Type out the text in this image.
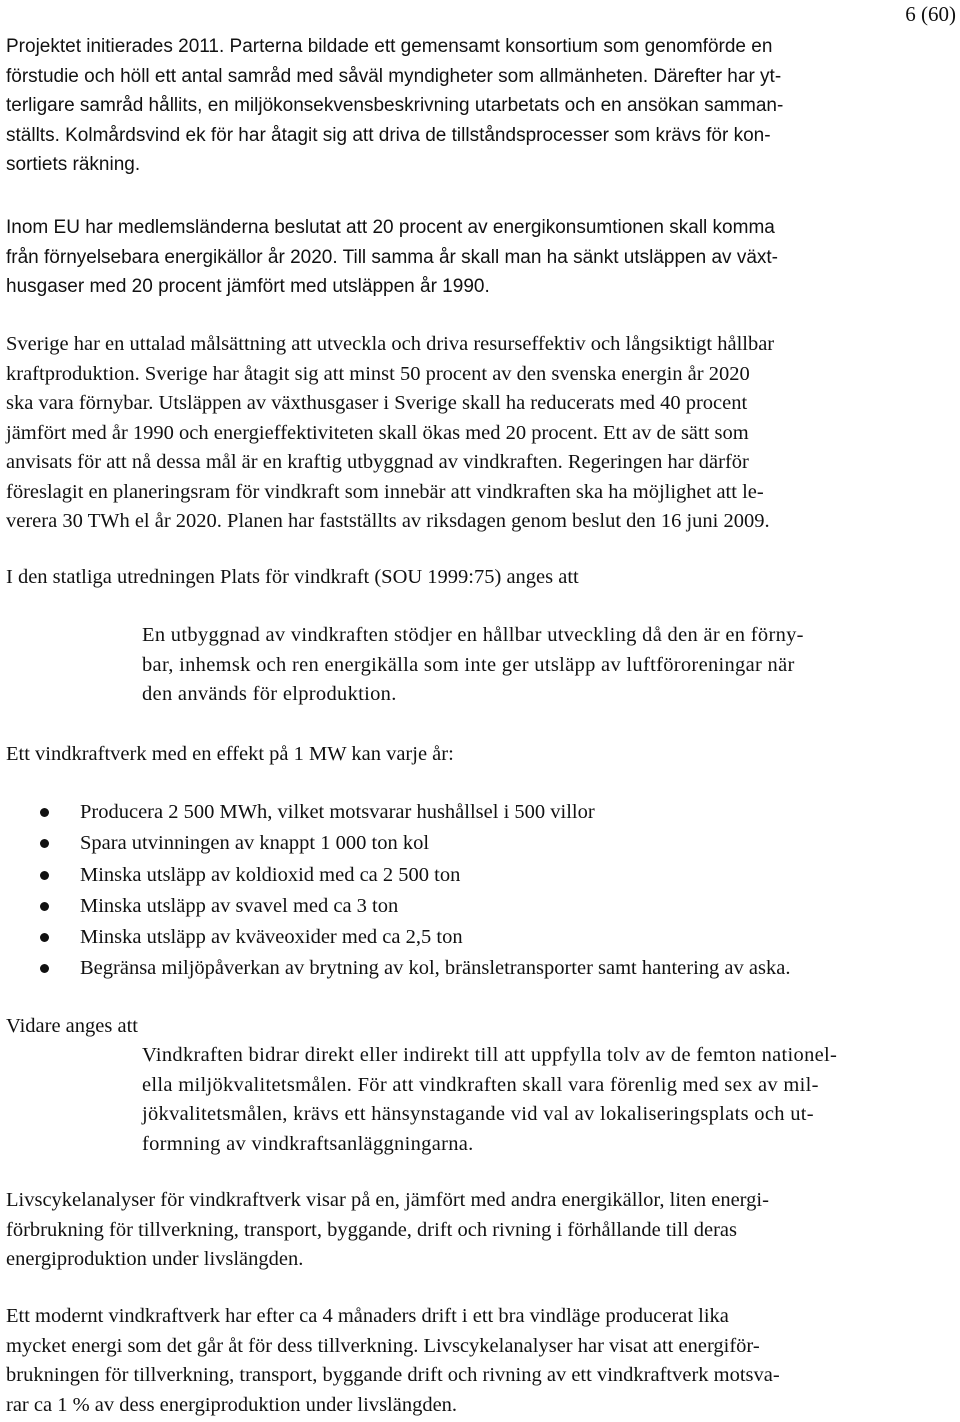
6 (60)
Projektet initierades 2011. Parterna bildade ett gemensamt konsortium som genomförde en
förstudie och höll ett antal samråd med såväl myndigheter som allmänheten. Därefter har yt-
terligare samråd hållits, en miljökonsekvensbeskrivning utarbetats och en ansökan samman-
ställts. Kolmårdsvind ek för har åtagit sig att driva de tillståndsprocesser som krävs för kon-
sortiets räkning.
Inom EU har medlemsländerna beslutat att 20 procent av energikonsumtionen skall komma
från förnyelsebara energikällor år 2020. Till samma år skall man ha sänkt utsläppen av växt-
husgaser med 20 procent jämfört med utsläppen år 1990.
Sverige har en uttalad målsättning att utveckla och driva resurseffektiv och långsiktigt hållbar
kraftproduktion. Sverige har åtagit sig att minst 50 procent av den svenska energin år 2020
ska vara förnybar. Utsläppen av växthusgaser i Sverige skall ha reducerats med 40 procent
jämfört med år 1990 och energieffektiviteten skall ökas med 20 procent. Ett av de sätt som
anvisats för att nå dessa mål är en kraftig utbyggnad av vindkraften. Regeringen har därför
föreslagit en planeringsram för vindkraft som innebär att vindkraften ska ha möjlighet att le-
verera 30 TWh el år 2020. Planen har fastställts av riksdagen genom beslut den 16 juni 2009.
I den statliga utredningen Plats för vindkraft (SOU 1999:75) anges att
En utbyggnad av vindkraften stödjer en hållbar utveckling då den är en förny-
bar, inhemsk och ren energikälla som inte ger utsläpp av luftföroreningar när
den används för elproduktion.
Ett vindkraftverk med en effekt på 1 MW kan varje år:
Producera 2 500 MWh, vilket motsvarar hushållsel i 500 villor
Spara utvinningen av knappt 1 000 ton kol
Minska utsläpp av koldioxid med ca 2 500 ton
Minska utsläpp av svavel med ca 3 ton
Minska utsläpp av kväveoxider med ca 2,5 ton
Begränsa miljöpåverkan av brytning av kol, bränsletransporter samt hantering av aska.
Vidare anges att
Vindkraften bidrar direkt eller indirekt till att uppfylla tolv av de femton nationel-
ella miljökvalitetsmålen. För att vindkraften skall vara förenlig med sex av mil-
jökvalitetsmålen, krävs ett hänsynstagande vid val av lokaliseringsplats och ut-
formning av vindkraftsanläggningarna.
Livscykelanalyser för vindkraftverk visar på en, jämfört med andra energikällor, liten energi-
förbrukning för tillverkning, transport, byggande, drift och rivning i förhållande till deras
energiproduktion under livslängden.
Ett modernt vindkraftverk har efter ca 4 månaders drift i ett bra vindläge producerat lika
mycket energi som det går åt för dess tillverkning. Livscykelanalyser har visat att energiför-
brukningen för tillverkning, transport, byggande drift och rivning av ett vindkraftverk motsva-
rar ca 1 % av dess energiproduktion under livslängden.
